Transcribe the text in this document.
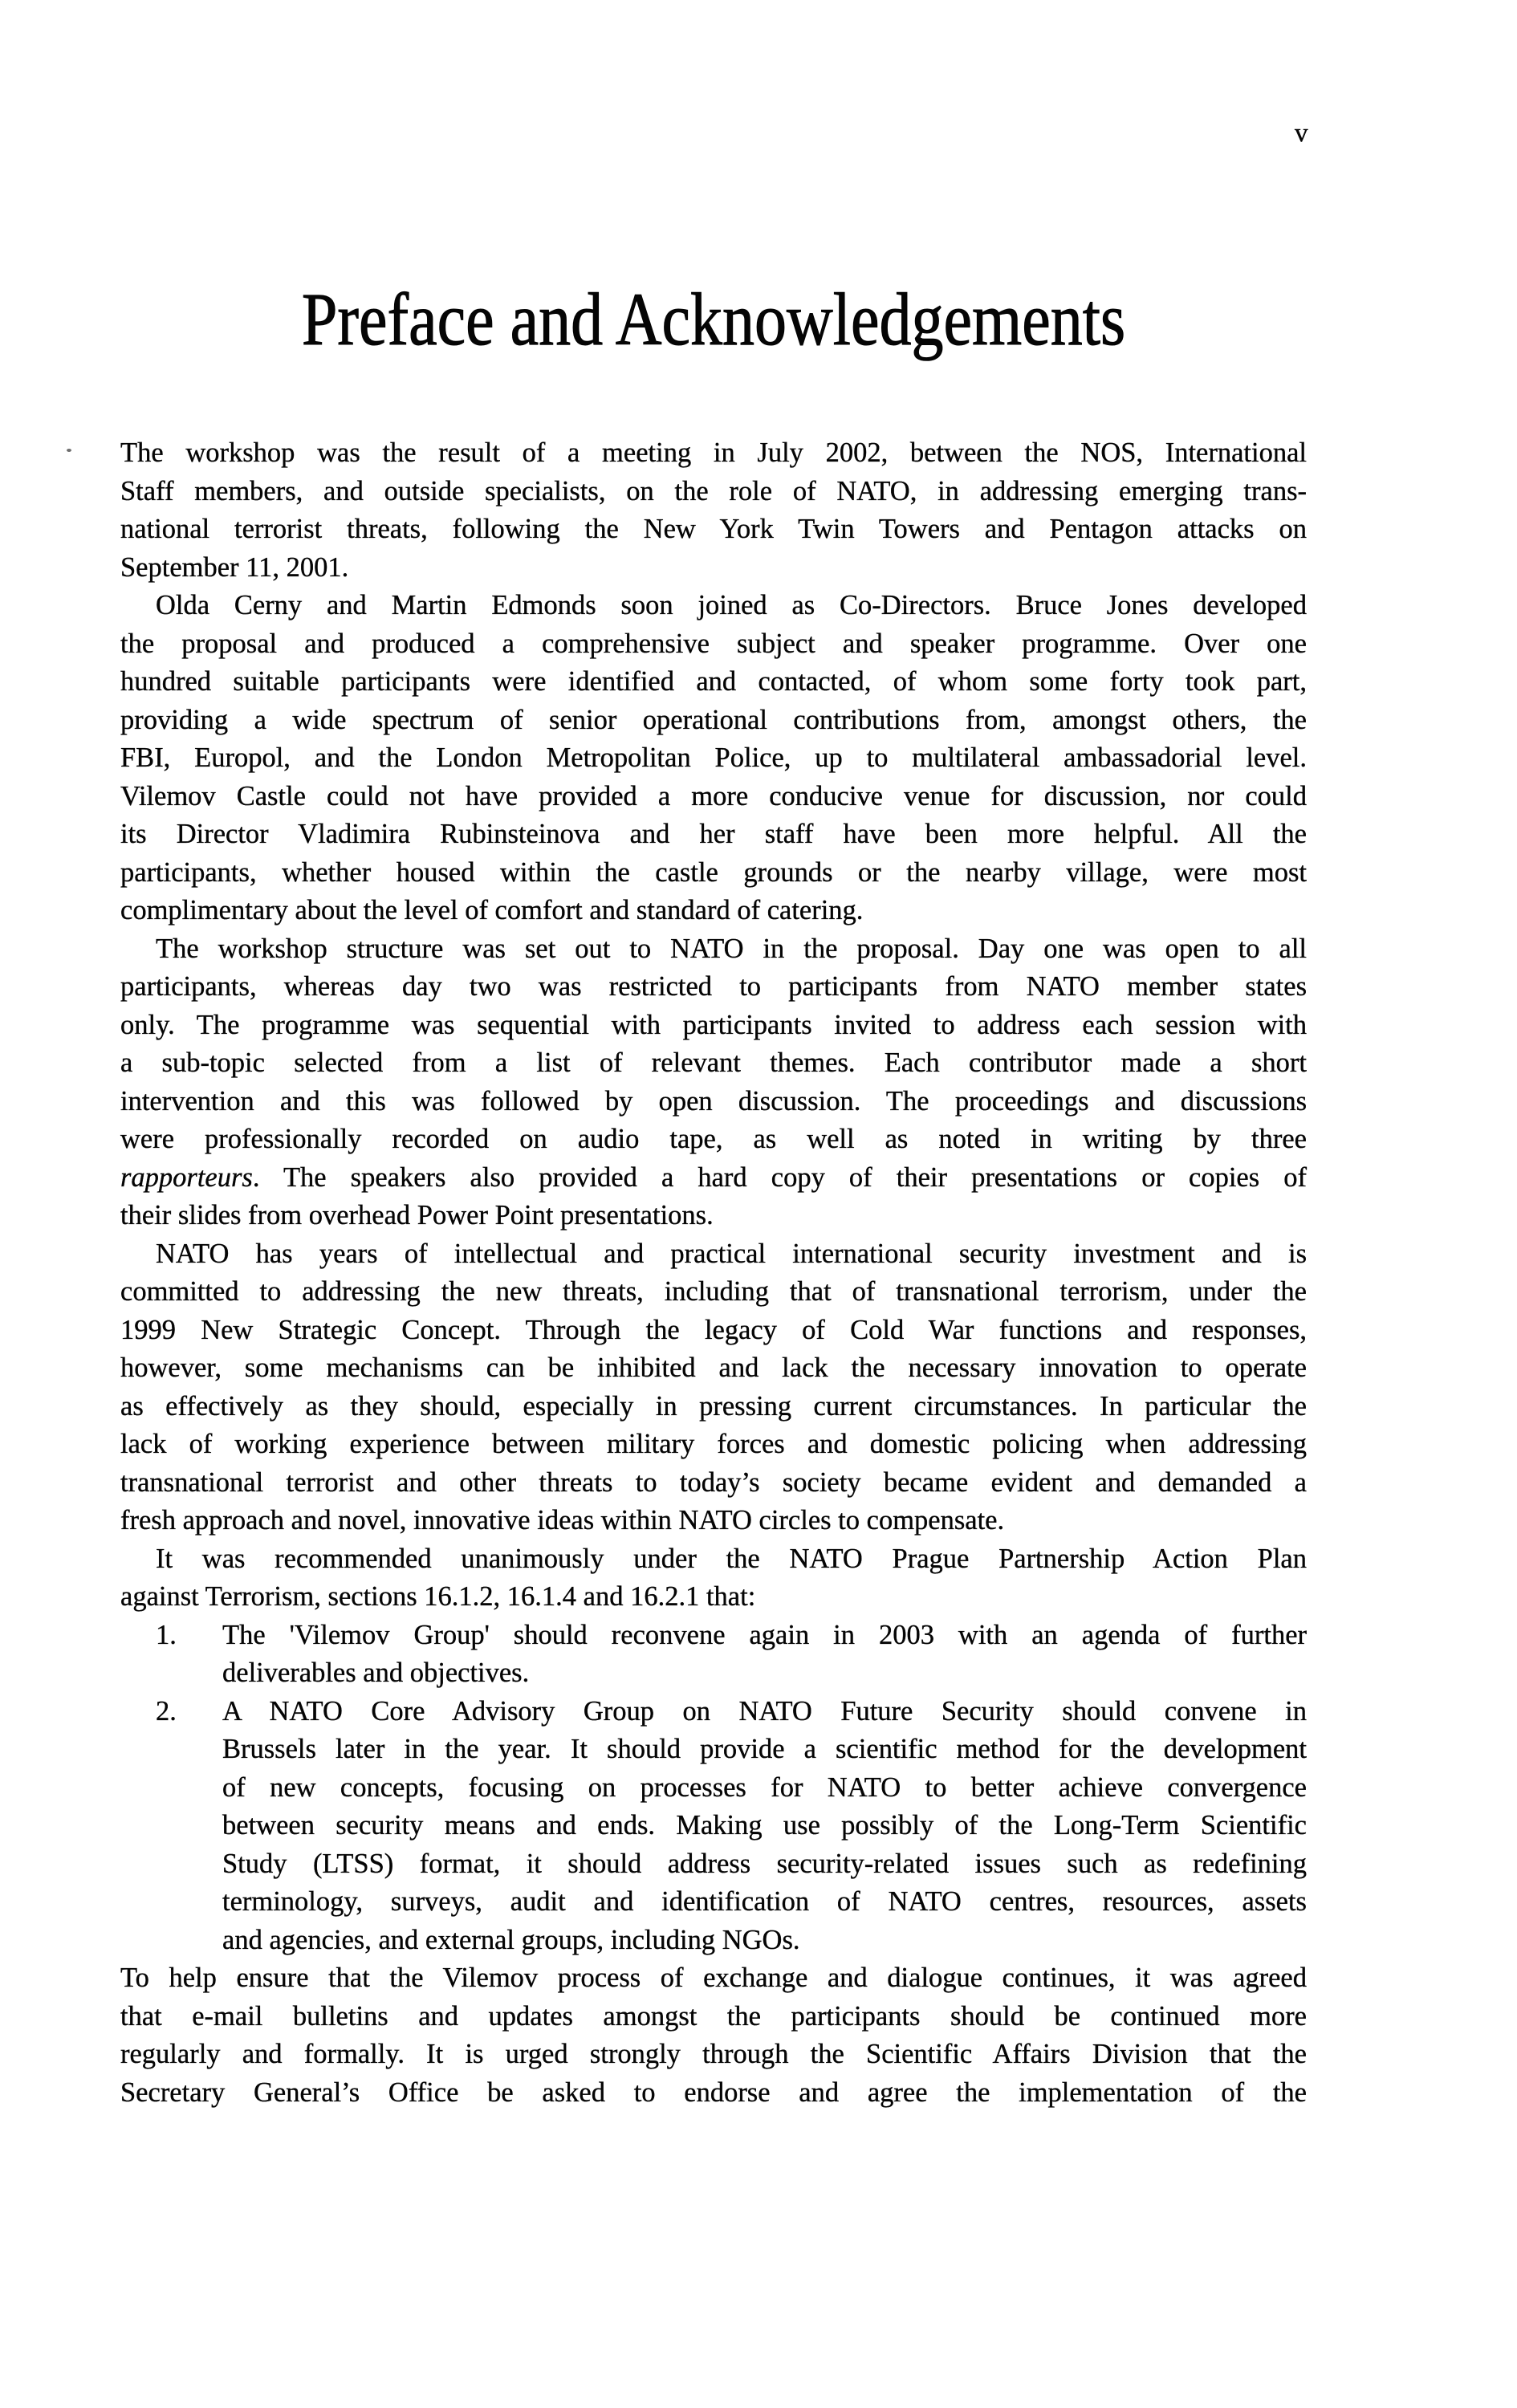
v
Preface and Acknowledgements
The workshop was the result of a meeting in July 2002, between the NOS, International
Staff members, and outside specialists, on the role of NATO, in addressing emerging trans-
national terrorist threats, following the New York Twin Towers and Pentagon attacks on
September 11, 2001.
Olda Cerny and Martin Edmonds soon joined as Co-Directors. Bruce Jones developed
the proposal and produced a comprehensive subject and speaker programme. Over one
hundred suitable participants were identified and contacted, of whom some forty took part,
providing a wide spectrum of senior operational contributions from, amongst others, the
FBI, Europol, and the London Metropolitan Police, up to multilateral ambassadorial level.
Vilemov Castle could not have provided a more conducive venue for discussion, nor could
its Director Vladimira Rubinsteinova and her staff have been more helpful. All the
participants, whether housed within the castle grounds or the nearby village, were most
complimentary about the level of comfort and standard of catering.
The workshop structure was set out to NATO in the proposal. Day one was open to all
participants, whereas day two was restricted to participants from NATO member states
only. The programme was sequential with participants invited to address each session with
a sub-topic selected from a list of relevant themes. Each contributor made a short
intervention and this was followed by open discussion. The proceedings and discussions
were professionally recorded on audio tape, as well as noted in writing by three
rapporteurs. The speakers also provided a hard copy of their presentations or copies of
their slides from overhead Power Point presentations.
NATO has years of intellectual and practical international security investment and is
committed to addressing the new threats, including that of transnational terrorism, under the
1999 New Strategic Concept. Through the legacy of Cold War functions and responses,
however, some mechanisms can be inhibited and lack the necessary innovation to operate
as effectively as they should, especially in pressing current circumstances. In particular the
lack of working experience between military forces and domestic policing when addressing
transnational terrorist and other threats to today’s society became evident and demanded a
fresh approach and novel, innovative ideas within NATO circles to compensate.
It was recommended unanimously under the NATO Prague Partnership Action Plan
against Terrorism, sections 16.1.2, 16.1.4 and 16.2.1 that:
1. The 'Vilemov Group' should reconvene again in 2003 with an agenda of further
deliverables and objectives.
2. A NATO Core Advisory Group on NATO Future Security should convene in
Brussels later in the year. It should provide a scientific method for the development
of new concepts, focusing on processes for NATO to better achieve convergence
between security means and ends. Making use possibly of the Long-Term Scientific
Study (LTSS) format, it should address security-related issues such as redefining
terminology, surveys, audit and identification of NATO centres, resources, assets
and agencies, and external groups, including NGOs.
To help ensure that the Vilemov process of exchange and dialogue continues, it was agreed
that e-mail bulletins and updates amongst the participants should be continued more
regularly and formally. It is urged strongly through the Scientific Affairs Division that the
Secretary General’s Office be asked to endorse and agree the implementation of the
